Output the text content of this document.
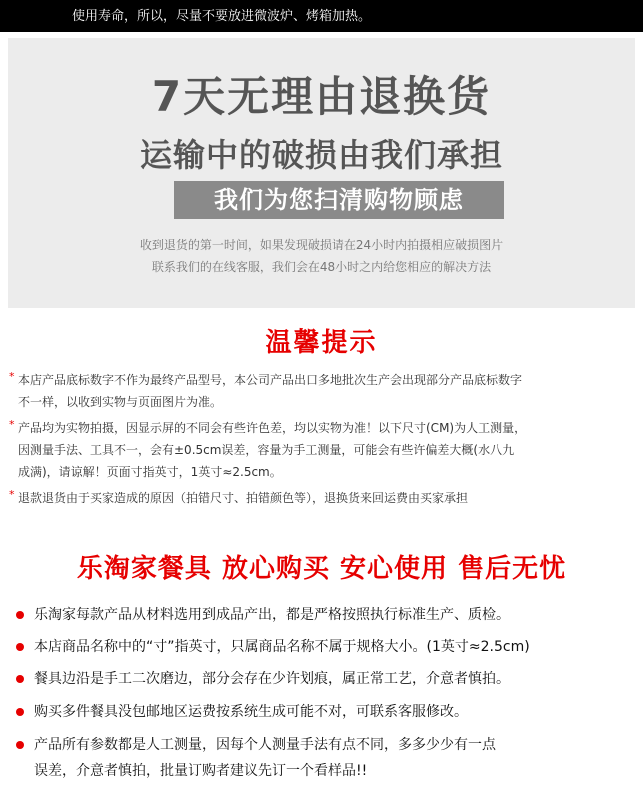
使用寿命，所以，尽量不要放进微波炉、烤箱加热。
7天无理由退换货
运输中的破损由我们承担
我们为您扫清购物顾虑
收到退货的第一时间，如果发现破损请在24小时内拍摄相应破损图片
联系我们的在线客服，我们会在48小时之内给您相应的解决方法
温馨提示
* 本店产品底标数字不作为最终产品型号，本公司产品出口多地批次生产会出现部分产品底标数字
不一样，以收到实物与页面图片为准。
* 产品均为实物拍摄，因显示屏的不同会有些许色差，均以实物为准！以下尺寸(CM)为人工测量，
因测量手法、工具不一，会有±0.5cm误差，容量为手工测量，可能会有些许偏差大概(水八九
成满)，请谅解！页面寸指英寸，1英寸≈2.5cm。
* 退款退货由于买家造成的原因（拍错尺寸、拍错颜色等），退换货来回运费由买家承担
乐淘家餐具 放心购买 安心使用 售后无忧
乐淘家每款产品从材料选用到成品产出，都是严格按照执行标准生产、质检。
本店商品名称中的“寸”指英寸，只属商品名称不属于规格大小。(1英寸≈2.5cm)
餐具边沿是手工二次磨边，部分会存在少许划痕，属正常工艺，介意者慎拍。
购买多件餐具没包邮地区运费按系统生成可能不对，可联系客服修改。
产品所有参数都是人工测量，因每个人测量手法有点不同，多多少少有一点
误差，介意者慎拍，批量订购者建议先订一个看样品!!
